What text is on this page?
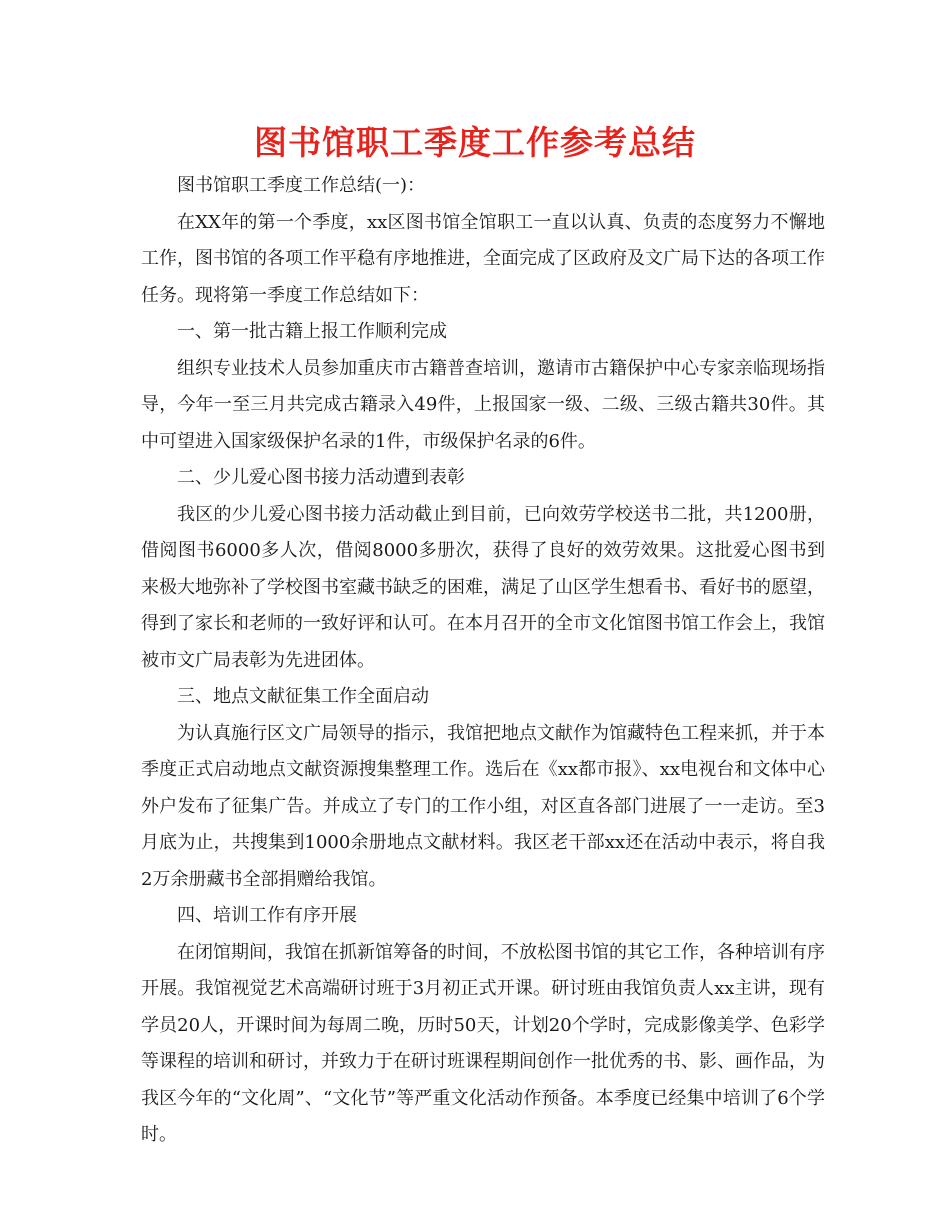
图书馆职工季度工作参考总结

图书馆职工季度工作总结(一)：

在XX年的第一个季度，xx区图书馆全馆职工一直以认真、负责的态度努力不懈地工作，图书馆的各项工作平稳有序地推进，全面完成了区政府及文广局下达的各项工作任务。现将第一季度工作总结如下：

一、第一批古籍上报工作顺利完成

组织专业技术人员参加重庆市古籍普查培训，邀请市古籍保护中心专家亲临现场指导，今年一至三月共完成古籍录入49件，上报国家一级、二级、三级古籍共30件。其中可望进入国家级保护名录的1件，市级保护名录的6件。

二、少儿爱心图书接力活动遭到表彰

我区的少儿爱心图书接力活动截止到目前，已向效劳学校送书二批，共1200册，借阅图书6000多人次，借阅8000多册次，获得了良好的效劳效果。这批爱心图书到来极大地弥补了学校图书室藏书缺乏的困难，满足了山区学生想看书、看好书的愿望，得到了家长和老师的一致好评和认可。在本月召开的全市文化馆图书馆工作会上，我馆被市文广局表彰为先进团体。

三、地点文献征集工作全面启动

为认真施行区文广局领导的指示，我馆把地点文献作为馆藏特色工程来抓，并于本季度正式启动地点文献资源搜集整理工作。选后在《xx都市报》、xx电视台和文体中心外户发布了征集广告。并成立了专门的工作小组，对区直各部门进展了一一走访。至3月底为止，共搜集到1000余册地点文献材料。我区老干部xx还在活动中表示，将自我2万余册藏书全部捐赠给我馆。

四、培训工作有序开展

在闭馆期间，我馆在抓新馆筹备的时间，不放松图书馆的其它工作，各种培训有序开展。我馆视觉艺术高端研讨班于3月初正式开课。研讨班由我馆负责人xx主讲，现有学员20人，开课时间为每周二晚，历时50天，计划20个学时，完成影像美学、色彩学等课程的培训和研讨，并致力于在研讨班课程期间创作一批优秀的书、影、画作品，为我区今年的“文化周”、“文化节”等严重文化活动作预备。本季度已经集中培训了6个学时。
